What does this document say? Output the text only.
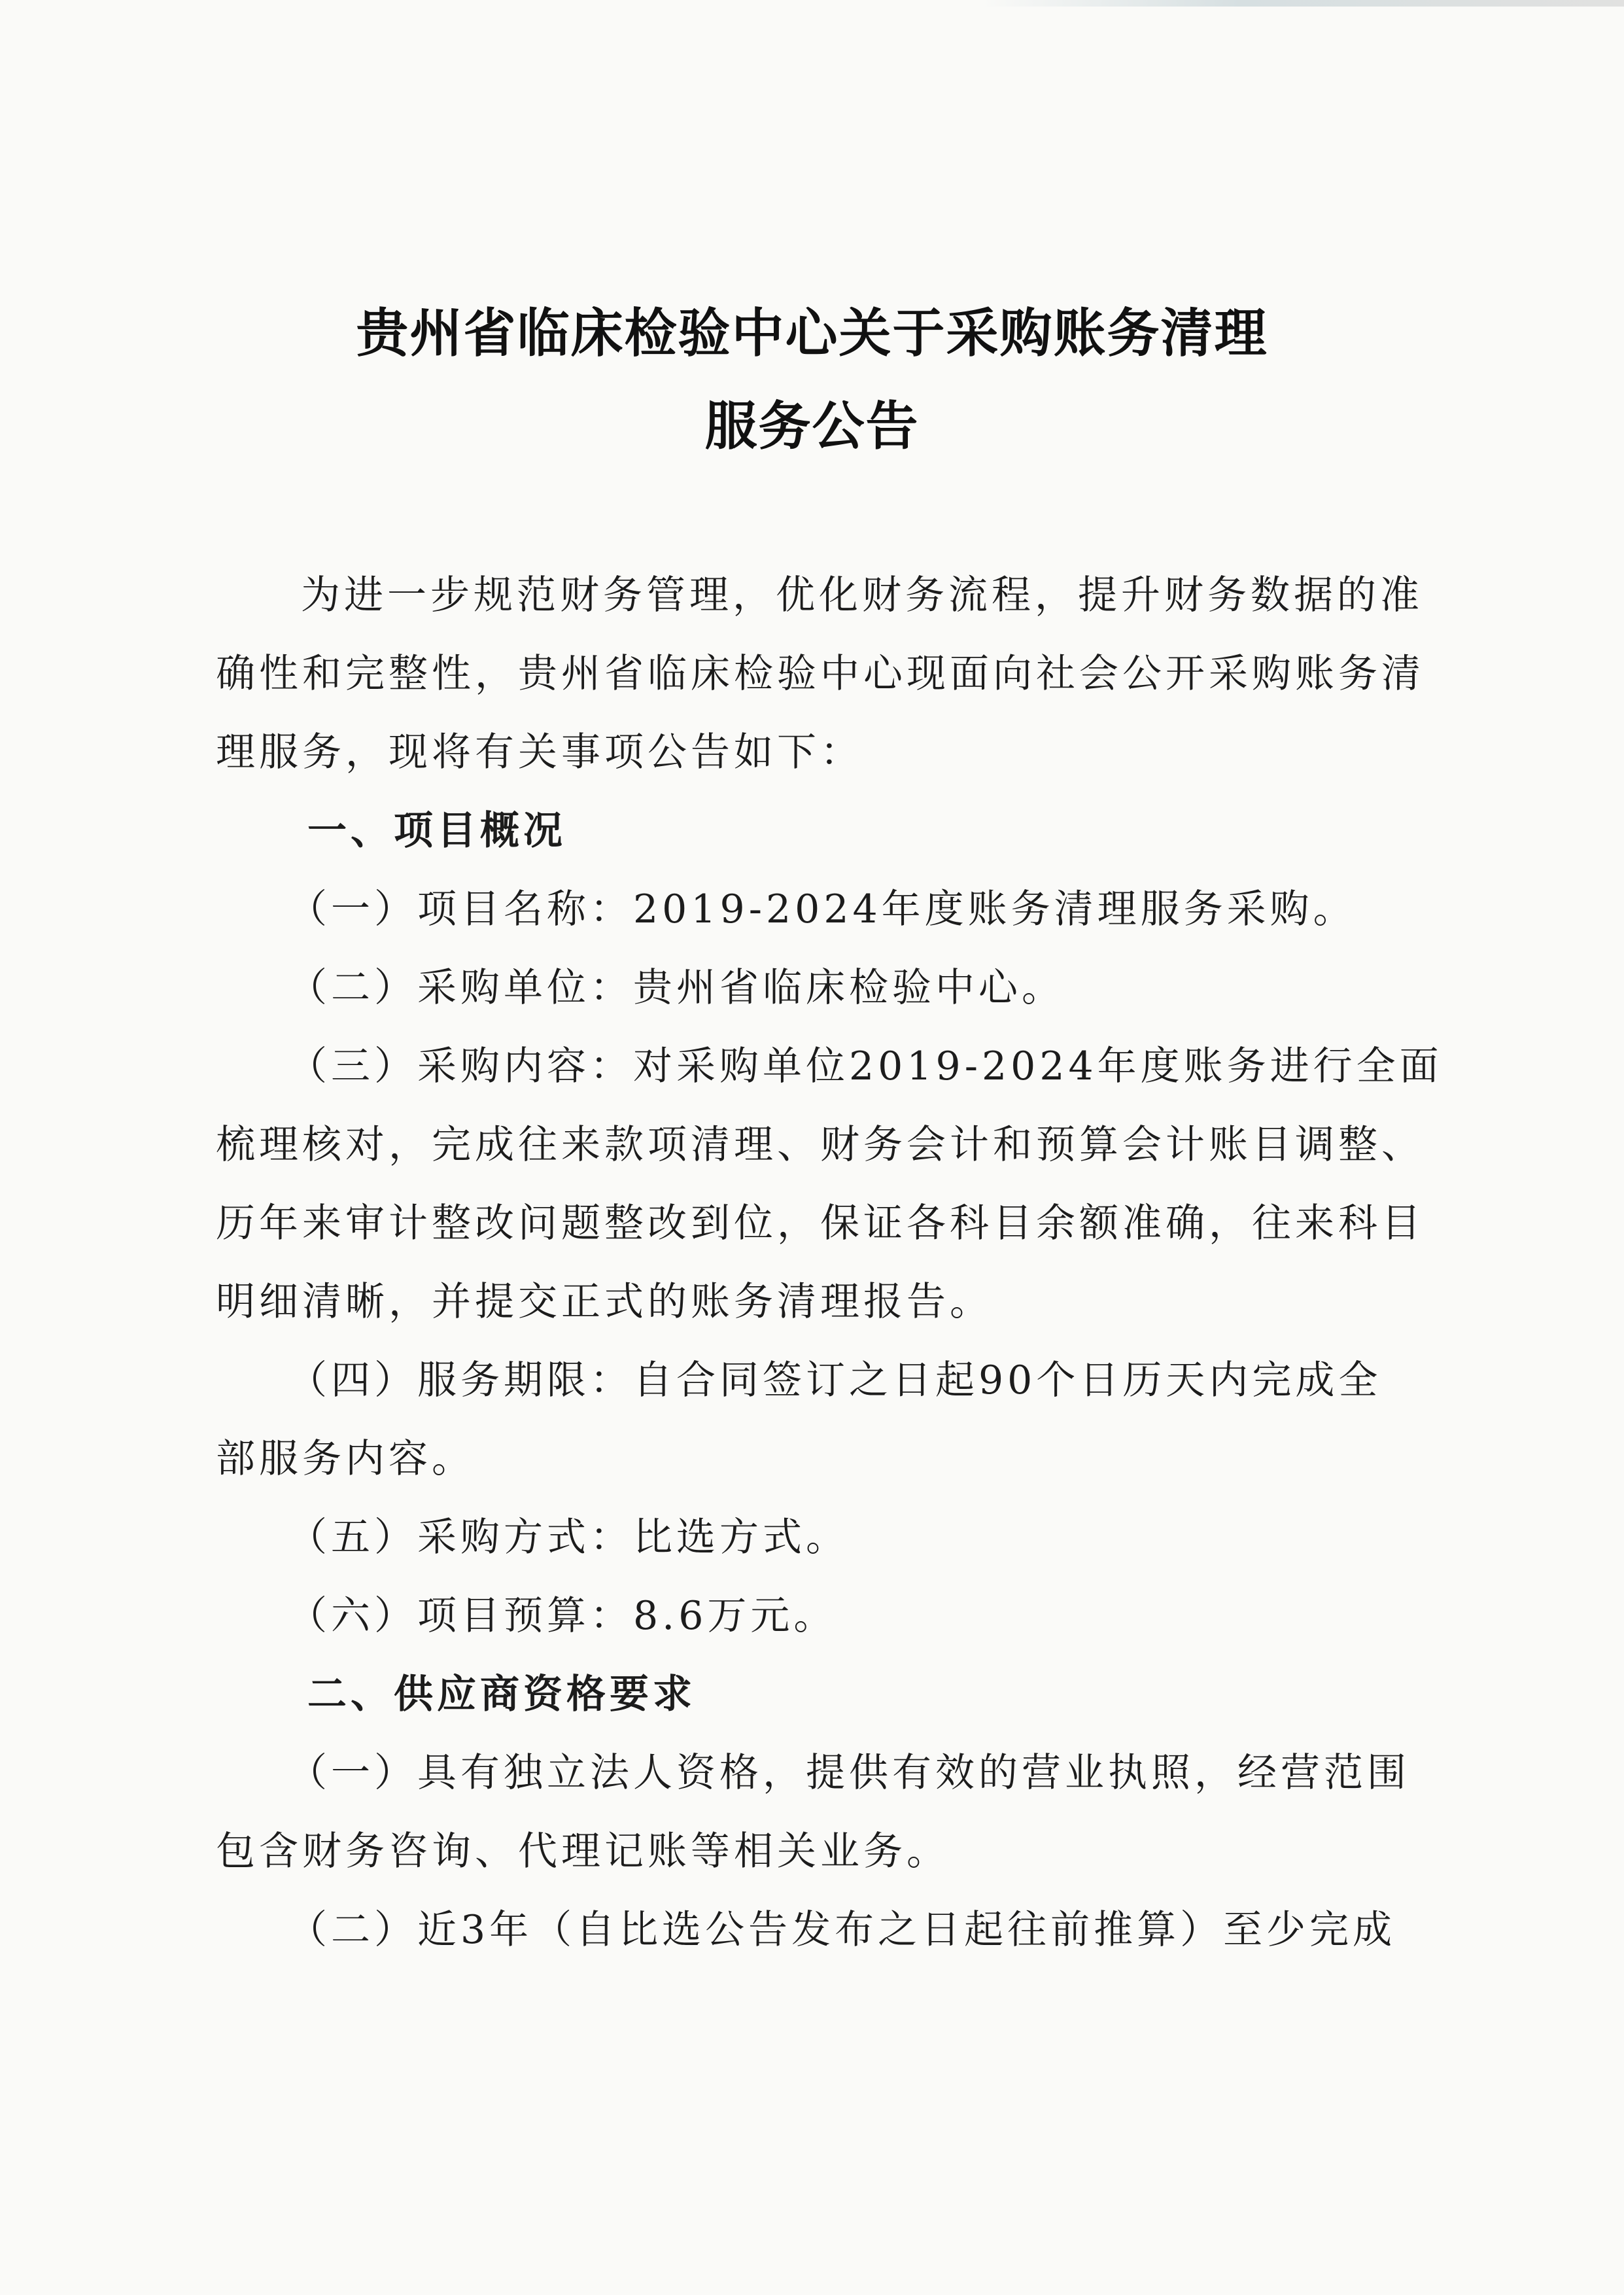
贵州省临床检验中心关于采购账务清理
服务公告

为进一步规范财务管理，优化财务流程，提升财务数据的准
确性和完整性，贵州省临床检验中心现面向社会公开采购账务清
理服务，现将有关事项公告如下：

一、项目概况
（一）项目名称：2019-2024年度账务清理服务采购。
（二）采购单位：贵州省临床检验中心。
（三）采购内容：对采购单位2019-2024年度账务进行全面
梳理核对，完成往来款项清理、财务会计和预算会计账目调整、
历年来审计整改问题整改到位，保证各科目余额准确，往来科目
明细清晰，并提交正式的账务清理报告。
（四）服务期限：自合同签订之日起90个日历天内完成全
部服务内容。
（五）采购方式：比选方式。
（六）项目预算：8.6万元。

二、供应商资格要求
（一）具有独立法人资格，提供有效的营业执照，经营范围
包含财务咨询、代理记账等相关业务。
（二）近3年（自比选公告发布之日起往前推算）至少完成
